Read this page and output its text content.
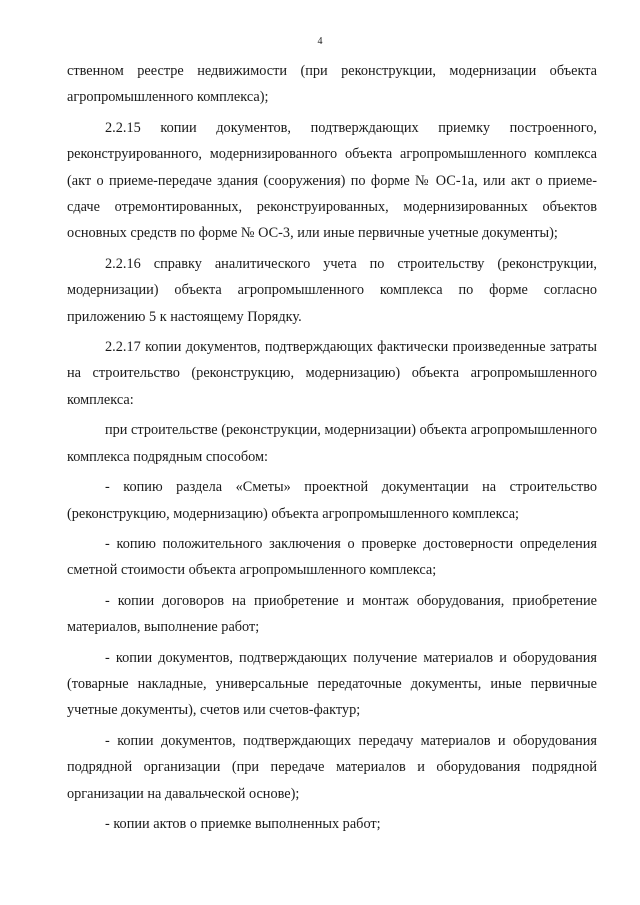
4

ственном реестре недвижимости (при реконструкции, модернизации объекта агропромышленного комплекса);

2.2.15 копии документов, подтверждающих приемку построенного, реконструированного, модернизированного объекта агропромышленного комплекса (акт о приеме-передаче здания (сооружения) по форме № ОС-1а, или акт о приеме-сдаче отремонтированных, реконструированных, модернизированных объектов основных средств по форме № ОС-3, или иные первичные учетные документы);

2.2.16 справку аналитического учета по строительству (реконструкции, модернизации) объекта агропромышленного комплекса по форме согласно приложению 5 к настоящему Порядку.

2.2.17 копии документов, подтверждающих фактически произведенные затраты на строительство (реконструкцию, модернизацию) объекта агропромышленного комплекса:

при строительстве (реконструкции, модернизации) объекта агропромышленного комплекса подрядным способом:

- копию раздела «Сметы» проектной документации на строительство (реконструкцию, модернизацию) объекта агропромышленного комплекса;

- копию положительного заключения о проверке достоверности определения сметной стоимости объекта агропромышленного комплекса;

- копии договоров на приобретение и монтаж оборудования, приобретение материалов, выполнение работ;

- копии документов, подтверждающих получение материалов и оборудования (товарные накладные, универсальные передаточные документы, иные первичные учетные документы), счетов или счетов-фактур;

- копии документов, подтверждающих передачу материалов и оборудования подрядной организации (при передаче материалов и оборудования подрядной организации на давальческой основе);

- копии актов о приемке выполненных работ;
